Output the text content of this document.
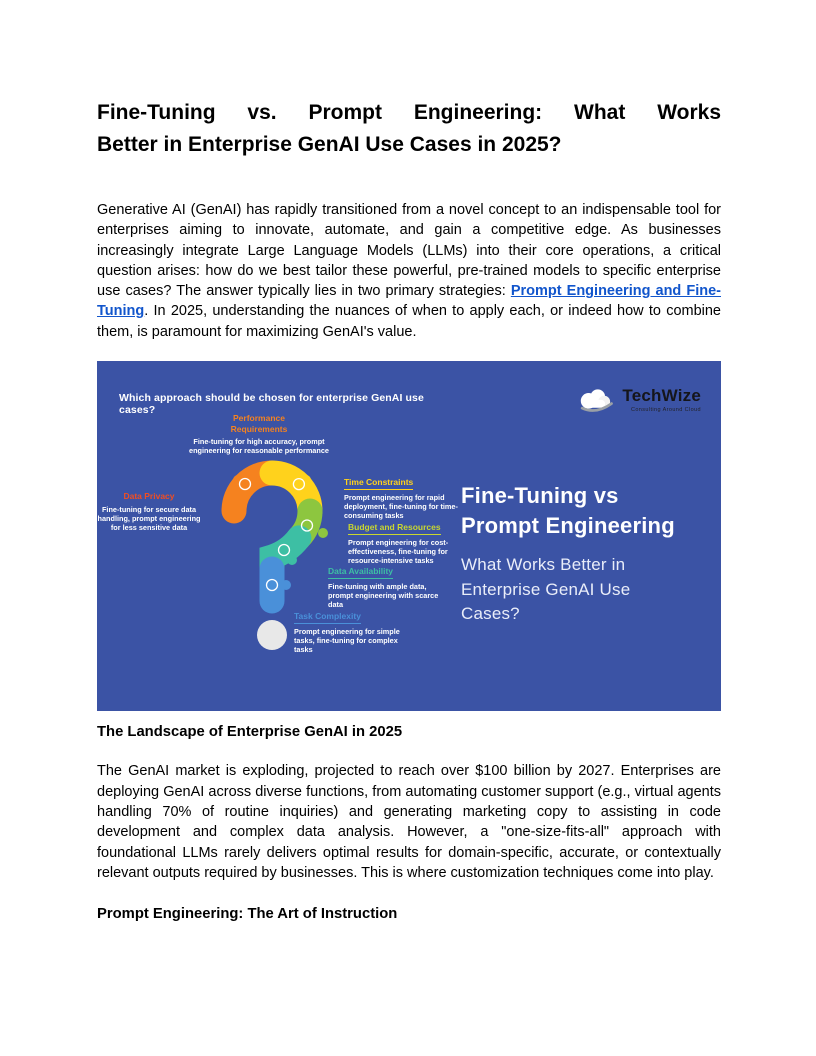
Fine-Tuning vs. Prompt Engineering: What Works
Better in Enterprise GenAI Use Cases in 2025?
Generative AI (GenAI) has rapidly transitioned from a novel concept to an indispensable tool for enterprises aiming to innovate, automate, and gain a competitive edge. As businesses increasingly integrate Large Language Models (LLMs) into their core operations, a critical question arises: how do we best tailor these powerful, pre-trained models to specific enterprise use cases? The answer typically lies in two primary strategies: Prompt Engineering and Fine-Tuning. In 2025, understanding the nuances of when to apply each, or indeed how to combine them, is paramount for maximizing GenAI's value.
Which approach should be chosen for enterprise GenAI use cases?
TechWize
Consulting Around Cloud
Performance Requirements
Fine-tuning for high accuracy, prompt engineering for reasonable performance
Data Privacy
Fine-tuning for secure data handling, prompt engineering for less sensitive data
Time Constraints
Prompt engineering for rapid deployment, fine-tuning for time-consuming tasks
Budget and Resources
Prompt engineering for cost-effectiveness, fine-tuning for resource-intensive tasks
Data Availability
Fine-tuning with ample data, prompt engineering with scarce data
Task Complexity
Prompt engineering for simple tasks, fine-tuning for complex tasks
Fine-Tuning vs
Prompt Engineering
What Works Better in Enterprise GenAI Use Cases?
The Landscape of Enterprise GenAI in 2025
The GenAI market is exploding, projected to reach over $100 billion by 2027. Enterprises are deploying GenAI across diverse functions, from automating customer support (e.g., virtual agents handling 70% of routine inquiries) and generating marketing copy to assisting in code development and complex data analysis. However, a "one-size-fits-all" approach with foundational LLMs rarely delivers optimal results for domain-specific, accurate, or contextually relevant outputs required by businesses. This is where customization techniques come into play.
Prompt Engineering: The Art of Instruction
